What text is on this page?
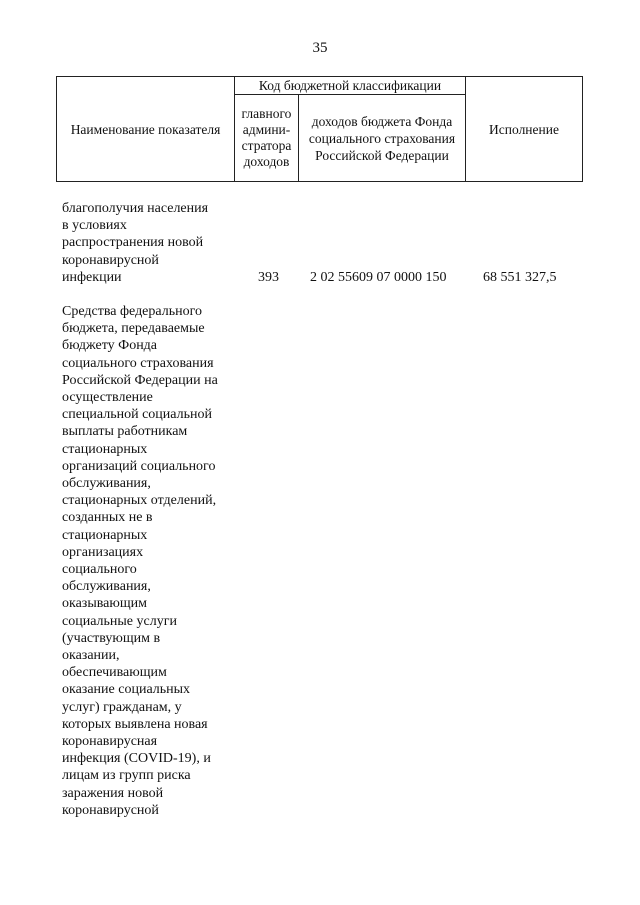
35
Наименование показателя
Код бюджетной классификации
главного админи-стратора доходов
доходов бюджета Фонда социального страхования Российской Федерации
Исполнение
благополучия населения
в условиях
распространения новой
коронавирусной
инфекции	393 2 02 55609 07 0000 150	68 551 327,5
Средства федерального
бюджета, передаваемые
бюджету Фонда
социального страхования
Российской Федерации на
осуществление
специальной социальной
выплаты работникам
стационарных
организаций социального
обслуживания,
стационарных отделений,
созданных не в
стационарных
организациях
социального
обслуживания,
оказывающим
социальные услуги
(участвующим в
оказании,
обеспечивающим
оказание социальных
услуг) гражданам, у
которых выявлена новая
коронавирусная
инфекция (COVID-19), и
лицам из групп риска
заражения новой
коронавирусной
